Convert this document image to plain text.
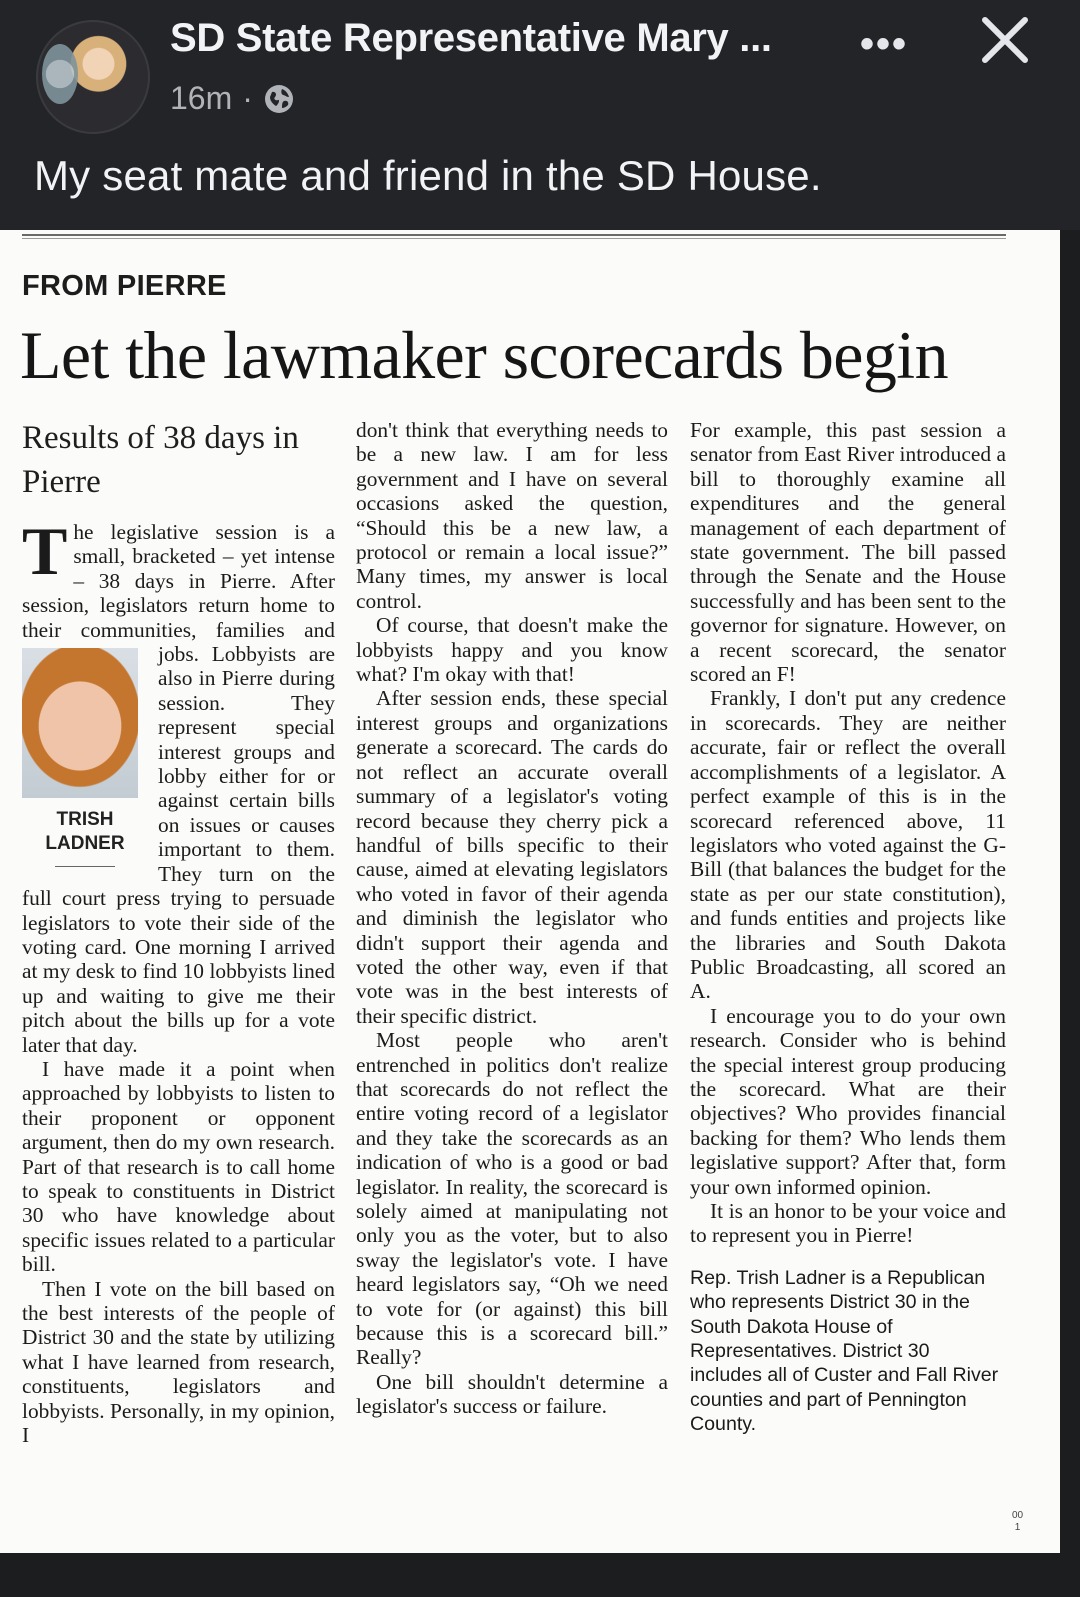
SD State Representative Mary ...
16m ·
•••
My seat mate and friend in the SD House.
FROM PIERRE
Let the lawmaker scorecards begin
Results of 38 days in Pierre

The legislative session is a small, bracketed – yet intense – 38 days in Pierre. After session, legislators return home to their communities, families and jobs. Lobbyists
TRISH
LADNER
are also in Pierre during session. They represent special interest groups and lobby either for or against certain bills on issues or causes important to them. They turn on the full court press trying to persuade legislators to vote their side of the voting card. One morning I arrived at my desk to find 10 lobbyists lined up and waiting to give me their pitch about the bills up for a vote later that day.

I have made it a point when approached by lobbyists to listen to their proponent or opponent argument, then do my own research. Part of that research is to call home to speak to constituents in District 30 who have knowledge about specific issues related to a particular bill.

Then I vote on the bill based on the best interests of the people of District 30 and the state by utilizing what I have learned from research, constituents, legislators and lobbyists. Personally, in my opinion, I

don't think that everything needs to be a new law. I am for less government and I have on several occasions asked the question, “Should this be a new law, a protocol or remain a local issue?” Many times, my answer is local control.

Of course, that doesn't make the lobbyists happy and you know what? I'm okay with that!

After session ends, these special interest groups and organizations generate a scorecard. The cards do not reflect an accurate overall summary of a legislator's voting record because they cherry pick a handful of bills specific to their cause, aimed at elevating legislators who voted in favor of their agenda and diminish the legislator who didn't support their agenda and voted the other way, even if that vote was in the best interests of their specific district.

Most people who aren't entrenched in politics don't realize that scorecards do not reflect the entire voting record of a legislator and they take the scorecards as an indication of who is a good or bad legislator. In reality, the scorecard is solely aimed at manipulating not only you as the voter, but to also sway the legislator's vote. I have heard legislators say, “Oh we need to vote for (or against) this bill because this is a scorecard bill.” Really?

One bill shouldn't determine a legislator's success or failure.

For example, this past session a senator from East River introduced a bill to thoroughly examine all expenditures and the general management of each department of state government. The bill passed through the Senate and the House successfully and has been sent to the governor for signature. However, on a recent scorecard, the senator scored an F!

Frankly, I don't put any credence in scorecards. They are neither accurate, fair or reflect the overall accomplishments of a legislator. A perfect example of this is in the scorecard referenced above, 11 legislators who voted against the G-Bill (that balances the budget for the state as per our state constitution), and funds entities and projects like the libraries and South Dakota Public Broadcasting, all scored an A.

I encourage you to do your own research. Consider who is behind the special interest group producing the scorecard. What are their objectives? Who provides financial backing for them? Who lends them legislative support? After that, form your own informed opinion.

It is an honor to be your voice and to represent you in Pierre!

Rep. Trish Ladner is a Republican who represents District 30 in the South Dakota House of Representatives. District 30 includes all of Custer and Fall River counties and part of Pennington County.
00
1
